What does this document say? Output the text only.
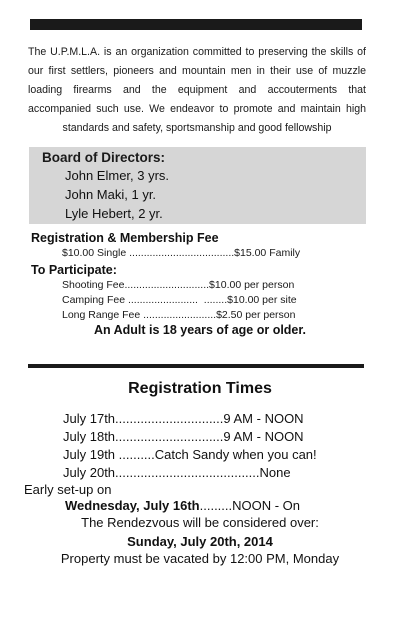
The U.P.M.L.A. is an organization committed to preserving the skills of our first settlers, pioneers and mountain men in their use of muzzle loading firearms and the equipment and accouterments that accompanied such use. We endeavor to promote and maintain high standards and safety, sportsmanship and good fellowship
Board of Directors:
John Elmer, 3 yrs.
John Maki, 1 yr.
Lyle Hebert, 2 yr.
Registration & Membership Fee
$10.00 Single ....................................$15.00 Family
To Participate:
Shooting Fee.............................$10.00 per person
Camping Fee ........................  ........$10.00 per site
Long Range Fee .........................$2.50 per person
An Adult is 18 years of age or older.
Registration Times
July 17th..............................9 AM - NOON
July 18th..............................9 AM - NOON
July 19th ..........Catch Sandy when you can!
July 20th........................................None
Early set-up on
Wednesday, July 16th.........NOON - On
The Rendezvous will be considered over:
Sunday, July 20th, 2014
Property must be vacated by 12:00 PM, Monday
